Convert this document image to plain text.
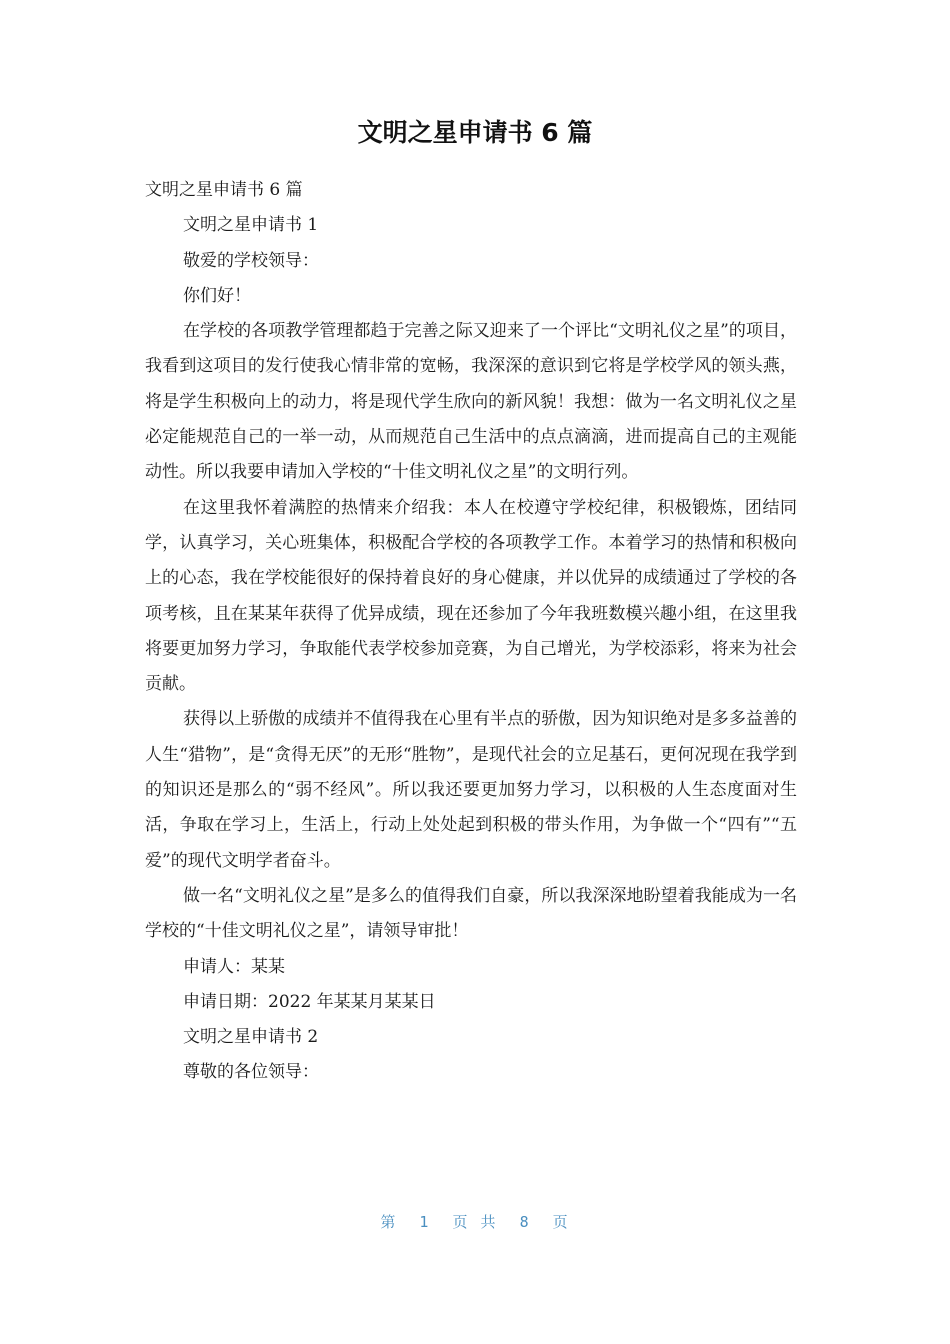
文明之星申请书 6 篇

文明之星申请书 6 篇

文明之星申请书 1

敬爱的学校领导：

你们好！

在学校的各项教学管理都趋于完善之际又迎来了一个评比“文明礼仪之星”的项目，我看到这项目的发行使我心情非常的宽畅，我深深的意识到它将是学校学风的领头燕，将是学生积极向上的动力，将是现代学生欣向的新风貌！我想：做为一名文明礼仪之星必定能规范自己的一举一动，从而规范自己生活中的点点滴滴，进而提高自己的主观能动性。所以我要申请加入学校的“十佳文明礼仪之星”的文明行列。

在这里我怀着满腔的热情来介绍我：本人在校遵守学校纪律，积极锻炼，团结同学，认真学习，关心班集体，积极配合学校的各项教学工作。本着学习的热情和积极向上的心态，我在学校能很好的保持着良好的身心健康，并以优异的成绩通过了学校的各项考核，且在某某年获得了优异成绩，现在还参加了今年我班数模兴趣小组，在这里我将要更加努力学习，争取能代表学校参加竞赛，为自己增光，为学校添彩，将来为社会贡献。

获得以上骄傲的成绩并不值得我在心里有半点的骄傲，因为知识绝对是多多益善的人生“猎物”，是“贪得无厌”的无形“胜物”，是现代社会的立足基石，更何况现在我学到的知识还是那么的“弱不经风”。所以我还要更加努力学习，以积极的人生态度面对生活，争取在学习上，生活上，行动上处处起到积极的带头作用，为争做一个“四有”“五爱”的现代文明学者奋斗。

做一名“文明礼仪之星”是多么的值得我们自豪，所以我深深地盼望着我能成为一名学校的“十佳文明礼仪之星”，请领导审批！

申请人：某某

申请日期：2022 年某某月某某日

文明之星申请书 2

尊敬的各位领导：

第  1  页 共  8  页
